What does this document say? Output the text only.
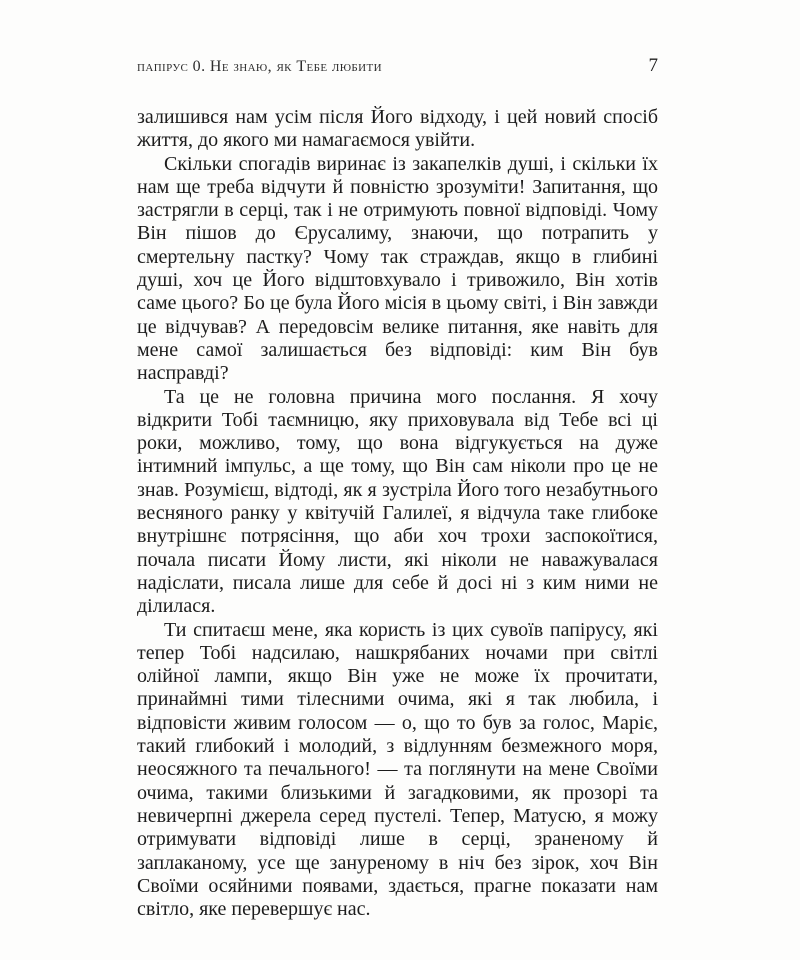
папірус 0. Не знаю, як Тебе любити	7

залишився нам усім після Його відходу, і цей новий спосіб життя, до якого ми намагаємося увійти.

Скільки спогадів виринає із закапелків душі, і скільки їх нам ще треба відчути й повністю зрозуміти! Запитання, що застрягли в серці, так і не отримують повної відповіді. Чому Він пішов до Єрусалиму, знаючи, що потрапить у смертельну пастку? Чому так страждав, якщо в глибині душі, хоч це Його відштовхувало і тривожило, Він хотів саме цього? Бо це була Його місія в цьому світі, і Він завжди це відчував? А передовсім велике питання, яке навіть для мене самої залишається без відповіді: ким Він був насправді?

Та це не головна причина мого послання. Я хочу відкрити Тобі таємницю, яку приховувала від Тебе всі ці роки, можливо, тому, що вона відгукується на дуже інтимний імпульс, а ще тому, що Він сам ніколи про це не знав. Розумієш, відтоді, як я зустріла Його того незабутнього весняного ранку у квітучій Галилеї, я відчула таке глибоке внутрішнє потрясіння, що аби хоч трохи заспокоїтися, почала писати Йому листи, які ніколи не наважувалася надіслати, писала лише для себе й досі ні з ким ними не ділилася.

Ти спитаєш мене, яка користь із цих сувоїв папірусу, які тепер Тобі надсилаю, нашкрябаних ночами при світлі олійної лампи, якщо Він уже не може їх прочитати, принаймні тими тілесними очима, які я так любила, і відповісти живим голосом — о, що то був за голос, Маріє, такий глибокий і молодий, з відлунням безмежного моря, неосяжного та печального! — та поглянути на мене Своїми очима, такими близькими й загадковими, як прозорі та невичерпні джерела серед пустелі. Тепер, Матусю, я можу отримувати відповіді лише в серці, зраненому й заплаканому, усе ще зануреному в ніч без зірок, хоч Він Своїми осяйними появами, здається, прагне показати нам світло, яке перевершує нас.
